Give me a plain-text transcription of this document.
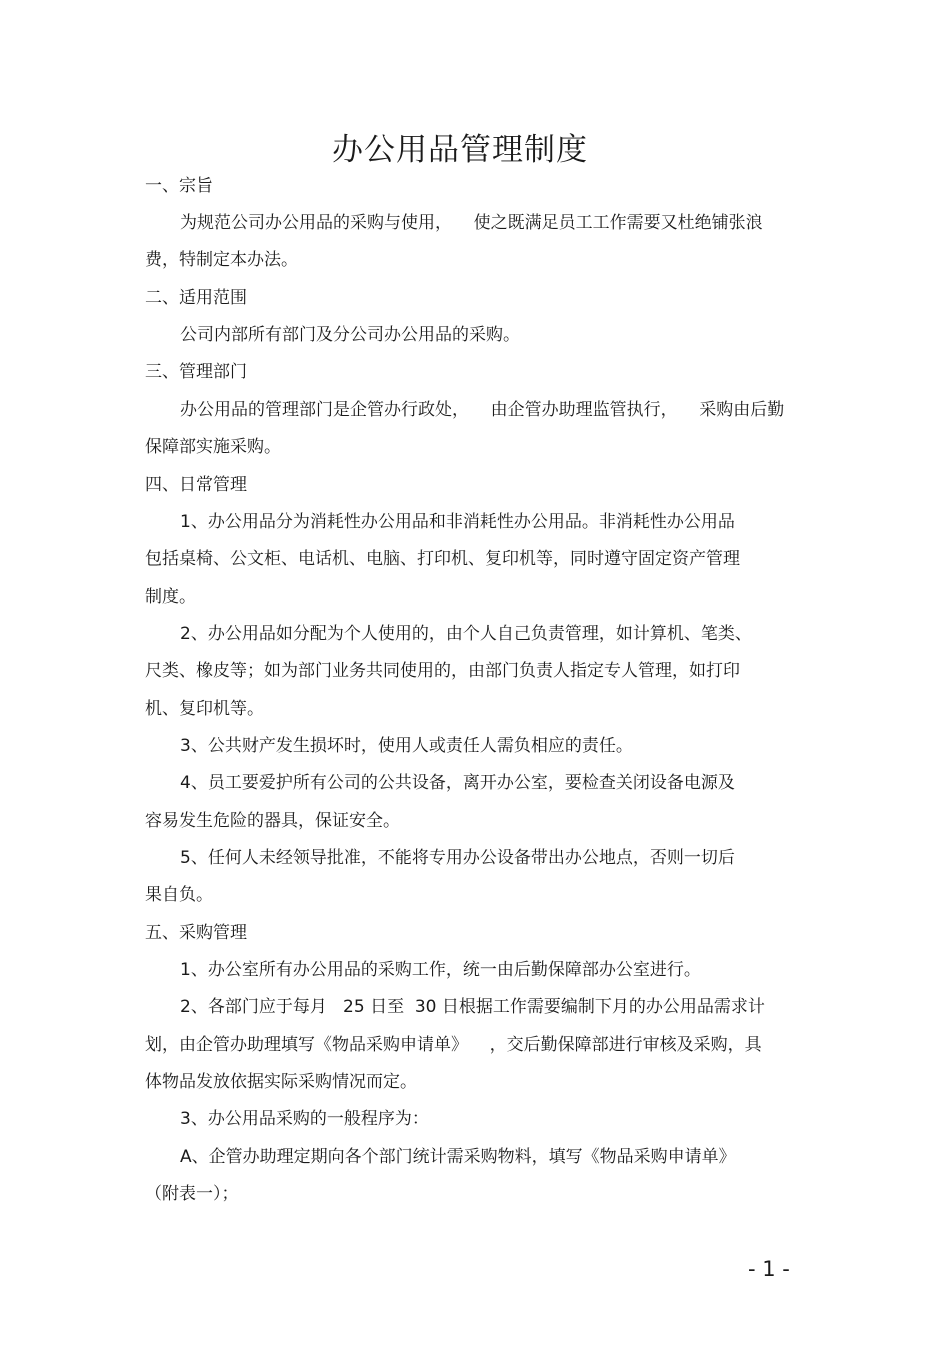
办公用品管理制度
一、宗旨
为规范公司办公用品的采购与使用，    使之既满足员工工作需要又杜绝铺张浪
费，特制定本办法。
二、适用范围
公司内部所有部门及分公司办公用品的采购。
三、管理部门
办公用品的管理部门是企管办行政处，    由企管办助理监管执行，    采购由后勤
保障部实施采购。
四、日常管理
1、办公用品分为消耗性办公用品和非消耗性办公用品。非消耗性办公用品
包括桌椅、公文柜、电话机、电脑、打印机、复印机等，同时遵守固定资产管理
制度。
2、办公用品如分配为个人使用的，由个人自己负责管理，如计算机、笔类、
尺类、橡皮等；如为部门业务共同使用的，由部门负责人指定专人管理，如打印
机、复印机等。
3、公共财产发生损坏时，使用人或责任人需负相应的责任。
4、员工要爱护所有公司的公共设备，离开办公室，要检查关闭设备电源及
容易发生危险的器具，保证安全。
5、任何人未经领导批准，不能将专用办公设备带出办公地点，否则一切后
果自负。
五、采购管理
1、办公室所有办公用品的采购工作，统一由后勤保障部办公室进行。
2、各部门应于每月   25 日至  30 日根据工作需要编制下月的办公用品需求计
划，由企管办助理填写《物品采购申请单》    ，交后勤保障部进行审核及采购，具
体物品发放依据实际采购情况而定。
3、办公用品采购的一般程序为：
A、企管办助理定期向各个部门统计需采购物料，填写《物品采购申请单》
（附表一）；
- 1 -
